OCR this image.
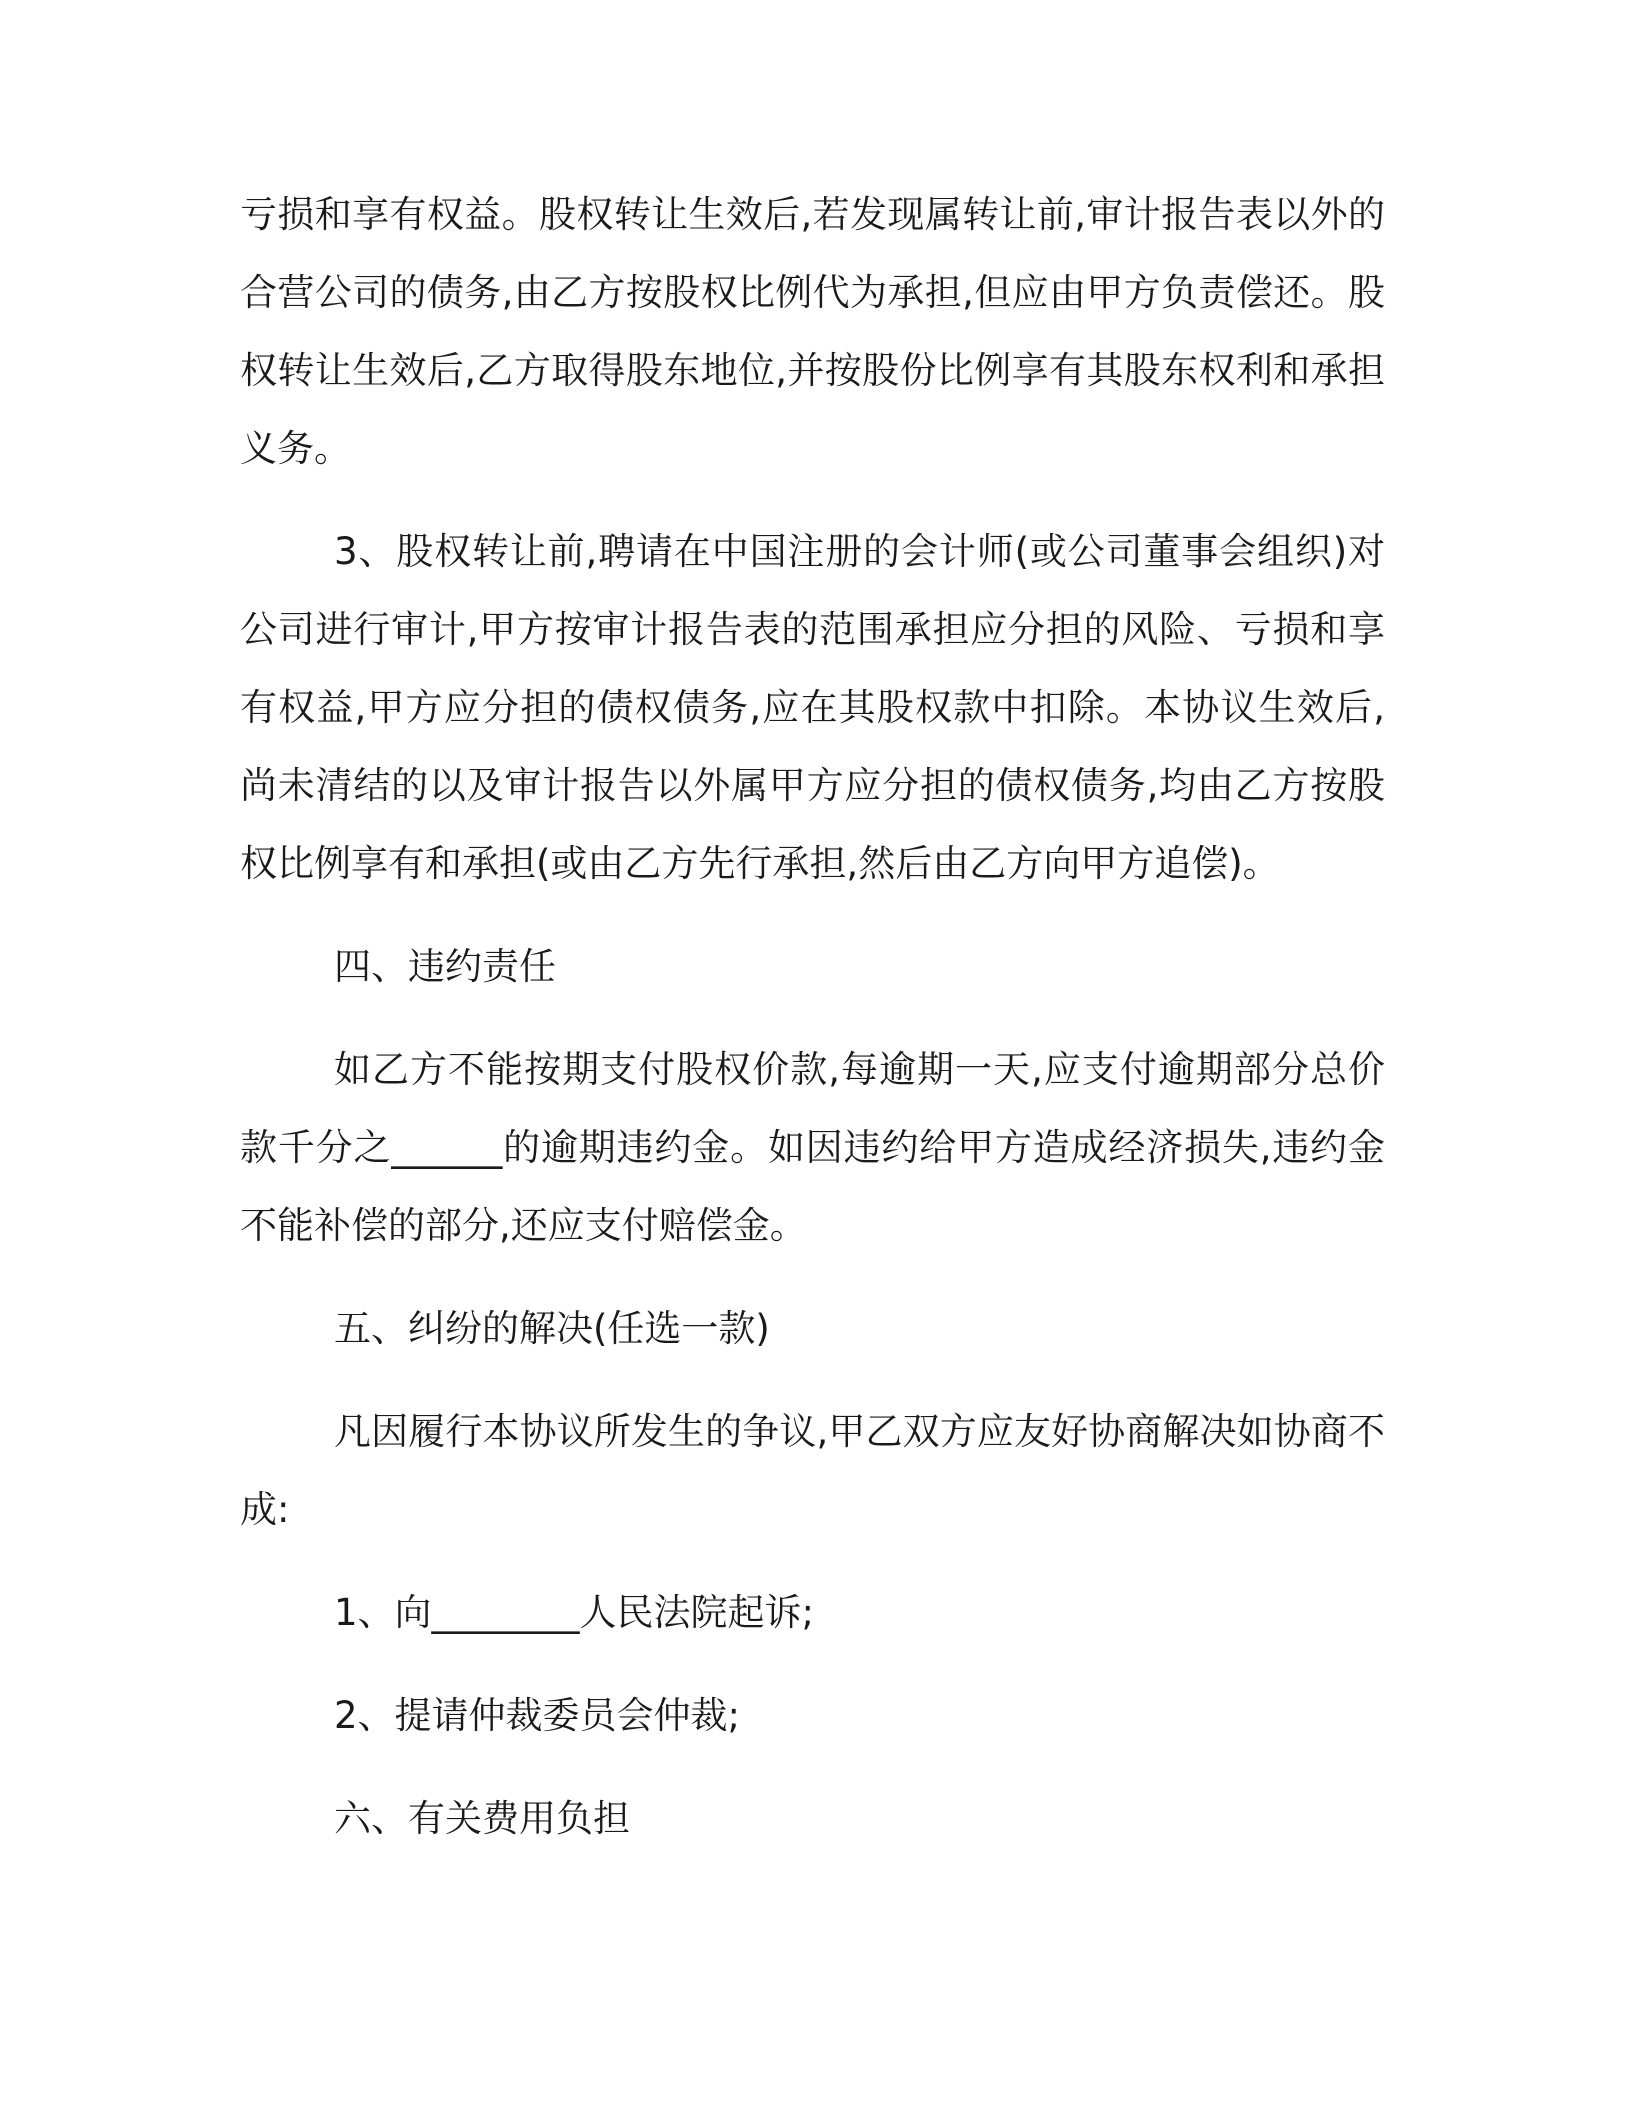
亏损和享有权益。股权转让生效后,若发现属转让前,审计报告表以外的合营公司的债务,由乙方按股权比例代为承担,但应由甲方负责偿还。股权转让生效后,乙方取得股东地位,并按股份比例享有其股东权利和承担义务。

3、股权转让前,聘请在中国注册的会计师(或公司董事会组织)对公司进行审计,甲方按审计报告表的范围承担应分担的风险、亏损和享有权益,甲方应分担的债权债务,应在其股权款中扣除。本协议生效后,尚未清结的以及审计报告以外属甲方应分担的债权债务,均由乙方按股权比例享有和承担(或由乙方先行承担,然后由乙方向甲方追偿)。

四、违约责任

如乙方不能按期支付股权价款,每逾期一天,应支付逾期部分总价款千分之______的逾期违约金。如因违约给甲方造成经济损失,违约金不能补偿的部分,还应支付赔偿金。

五、纠纷的解决(任选一款)

凡因履行本协议所发生的争议,甲乙双方应友好协商解决如协商不成:

1、向________人民法院起诉;

2、提请仲裁委员会仲裁;

六、有关费用负担
